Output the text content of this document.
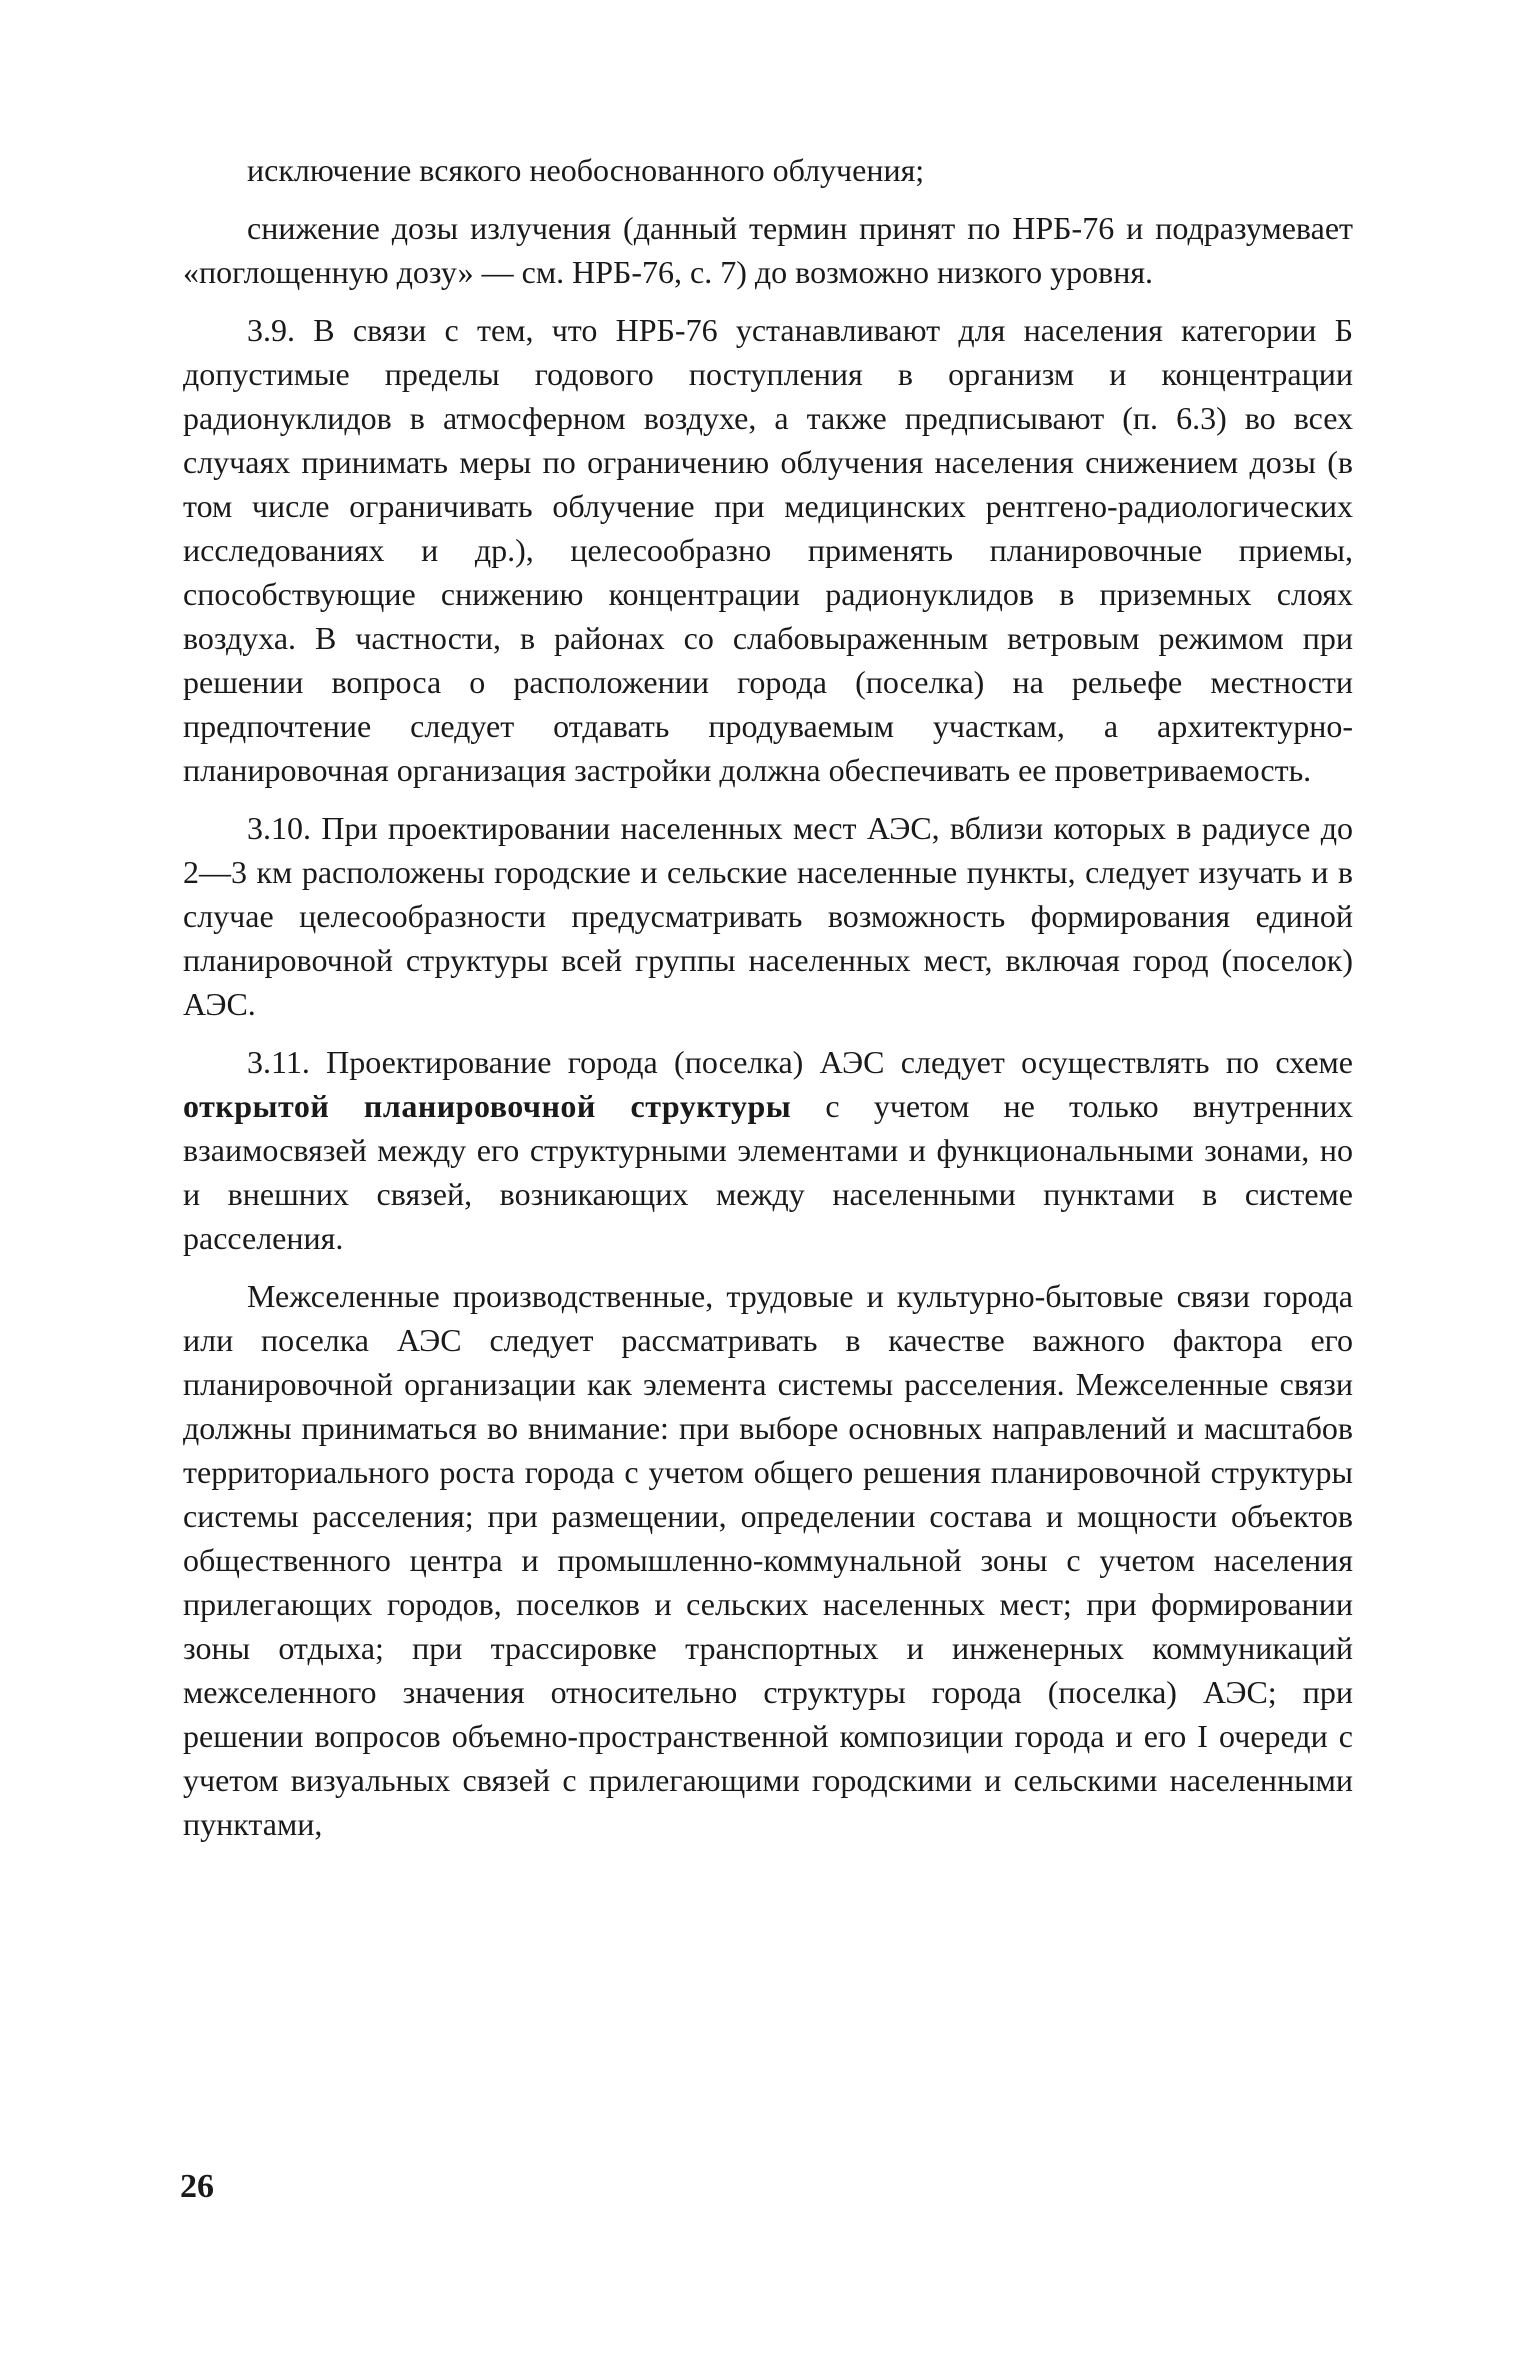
исключение всякого необоснованного облучения;

снижение дозы излучения (данный термин принят по НРБ-76 и подразумевает «поглощенную дозу» — см. НРБ-76, с. 7) до возможно низкого уровня.

3.9. В связи с тем, что НРБ-76 устанавливают для населения категории Б допустимые пределы годового поступления в организм и концентрации радионуклидов в атмосферном воздухе, а также предписывают (п. 6.3) во всех случаях принимать меры по ограничению облучения населения снижением дозы (в том числе ограничивать облучение при медицинских рентгено-радиологических исследованиях и др.), целесообразно применять планировочные приемы, способствующие снижению концентрации радионуклидов в приземных слоях воздуха. В частности, в районах со слабовыраженным ветровым режимом при решении вопроса о расположении города (поселка) на рельефе местности предпочтение следует отдавать продуваемым участкам, а архитектурно-планировочная организация застройки должна обеспечивать ее проветриваемость.

3.10. При проектировании населенных мест АЭС, вблизи которых в радиусе до 2—3 км расположены городские и сельские населенные пункты, следует изучать и в случае целесообразности предусматривать возможность формирования единой планировочной структуры всей группы населенных мест, включая город (поселок) АЭС.

3.11. Проектирование города (поселка) АЭС следует осуществлять по схеме открытой планировочной структуры с учетом не только внутренних взаимосвязей между его структурными элементами и функциональными зонами, но и внешних связей, возникающих между населенными пунктами в системе расселения.

Межселенные производственные, трудовые и культурно-бытовые связи города или поселка АЭС следует рассматривать в качестве важного фактора его планировочной организации как элемента системы расселения. Межселенные связи должны приниматься во внимание: при выборе основных направлений и масштабов территориального роста города с учетом общего решения планировочной структуры системы расселения; при размещении, определении состава и мощности объектов общественного центра и промышленно-коммунальной зоны с учетом населения прилегающих городов, поселков и сельских населенных мест; при формировании зоны отдыха; при трассировке транспортных и инженерных коммуникаций межселенного значения относительно структуры города (поселка) АЭС; при решении вопросов объемно-пространственной композиции города и его I очереди с учетом визуальных связей с прилегающими городскими и сельскими населенными пунктами,

26
